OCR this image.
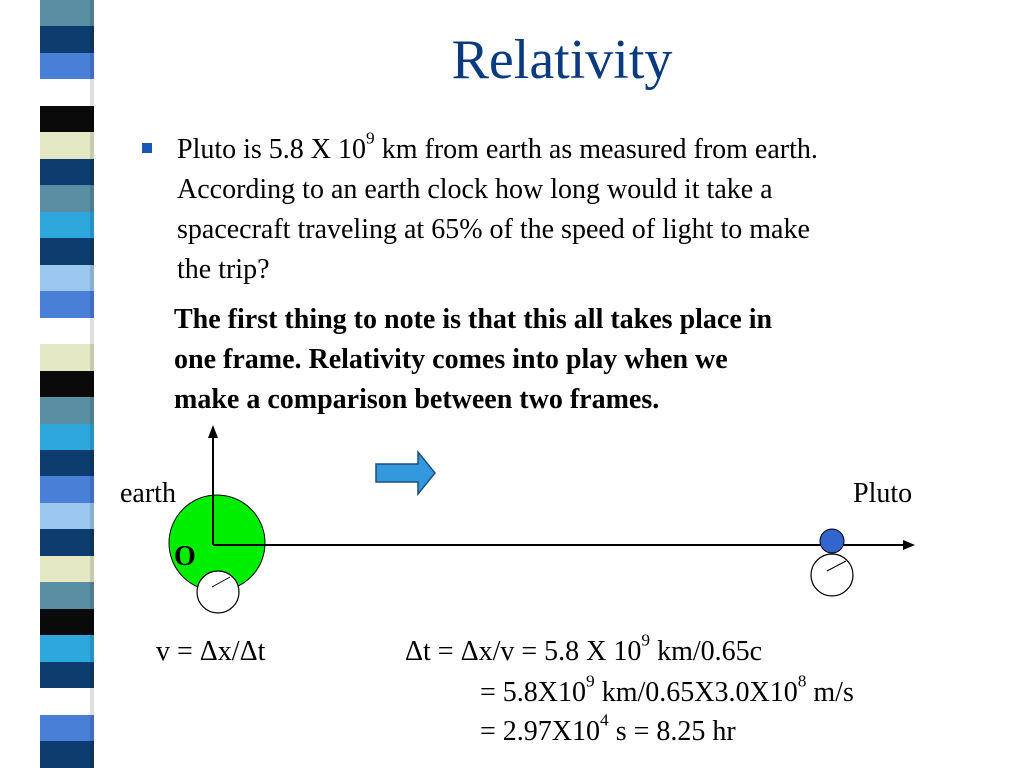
Relativity
Pluto is 5.8 X $10^9$ km from earth as measured from earth.
According to an earth clock how long would it take a
spacecraft traveling at 65% of the speed of light to make
the trip?
The first thing to note is that this all takes place in
one frame. Relativity comes into play when we
make a comparison between two frames.
earth	Pluto
O
v = Δx/Δt	Δt = Δx/v = 5.8 X $10^9$ km/0.65c
= $5.8X10^9$ $km/0.65X3.0X10^8$ m/s
= $2.97X10^4$ s = 8.25 hr
